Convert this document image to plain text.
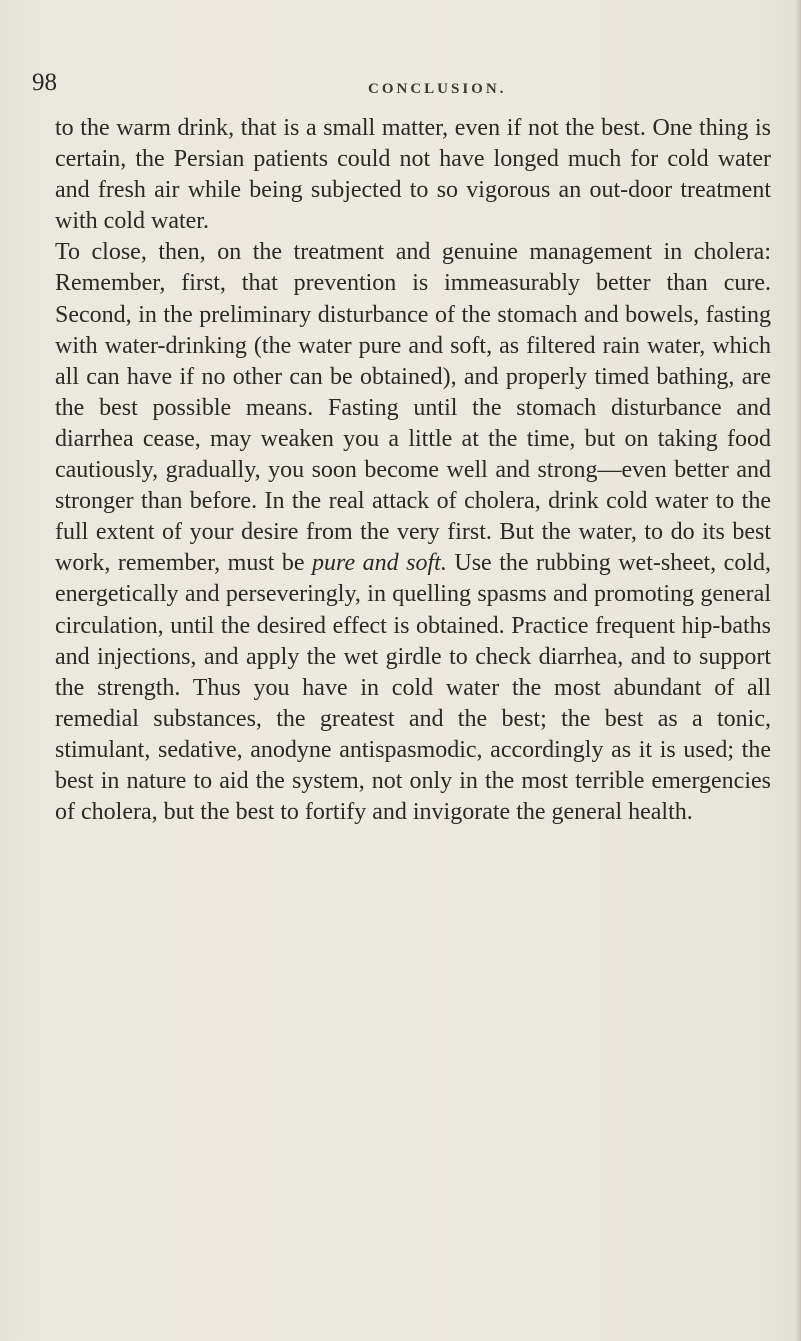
98	CONCLUSION.

to the warm drink, that is a small matter, even if not the best. One thing is certain, the Persian patients could not have longed much for cold water and fresh air while being subjected to so vigorous an out-door treatment with cold water.

To close, then, on the treatment and genuine management in cholera: Remember, first, that prevention is immeasurably better than cure. Second, in the preliminary disturbance of the stomach and bowels, fasting with water-drinking (the water pure and soft, as filtered rain water, which all can have if no other can be obtained), and properly timed bathing, are the best possible means. Fasting until the stomach disturbance and diarrhea cease, may weaken you a little at the time, but on taking food cautiously, gradually, you soon become well and strong—even better and stronger than before. In the real attack of cholera, drink cold water to the full extent of your desire from the very first. But the water, to do its best work, remember, must be pure and soft. Use the rubbing wet-sheet, cold, energetically and perseveringly, in quelling spasms and promoting general circulation, until the desired effect is obtained. Practice frequent hip-baths and injections, and apply the wet girdle to check diarrhea, and to support the strength. Thus you have in cold water the most abundant of all remedial substances, the greatest and the best; the best as a tonic, stimulant, sedative, anodyne antispasmodic, accordingly as it is used; the best in nature to aid the system, not only in the most terrible emergencies of cholera, but the best to fortify and invigorate the general health.
